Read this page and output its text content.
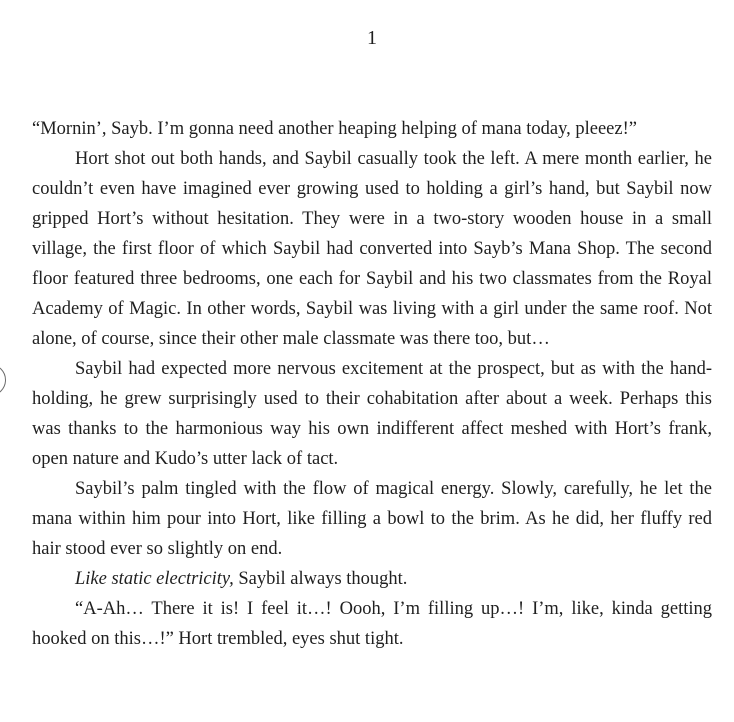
1

“Mornin’, Sayb. I’m gonna need another heaping helping of mana today, pleeez!”

Hort shot out both hands, and Saybil casually took the left. A mere month earlier, he couldn’t even have imagined ever growing used to holding a girl’s hand, but Saybil now gripped Hort’s without hesitation. They were in a two-story wooden house in a small village, the first floor of which Saybil had converted into Sayb’s Mana Shop. The second floor featured three bedrooms, one each for Saybil and his two classmates from the Royal Academy of Magic. In other words, Saybil was living with a girl under the same roof. Not alone, of course, since their other male classmate was there too, but…

Saybil had expected more nervous excitement at the prospect, but as with the hand-holding, he grew surprisingly used to their cohabitation after about a week. Perhaps this was thanks to the harmonious way his own indifferent affect meshed with Hort’s frank, open nature and Kudo’s utter lack of tact.

Saybil’s palm tingled with the flow of magical energy. Slowly, carefully, he let the mana within him pour into Hort, like filling a bowl to the brim. As he did, her fluffy red hair stood ever so slightly on end.

Like static electricity, Saybil always thought.

“A-Ah… There it is! I feel it…! Oooh, I’m filling up…! I’m, like, kinda getting hooked on this…!” Hort trembled, eyes shut tight.
